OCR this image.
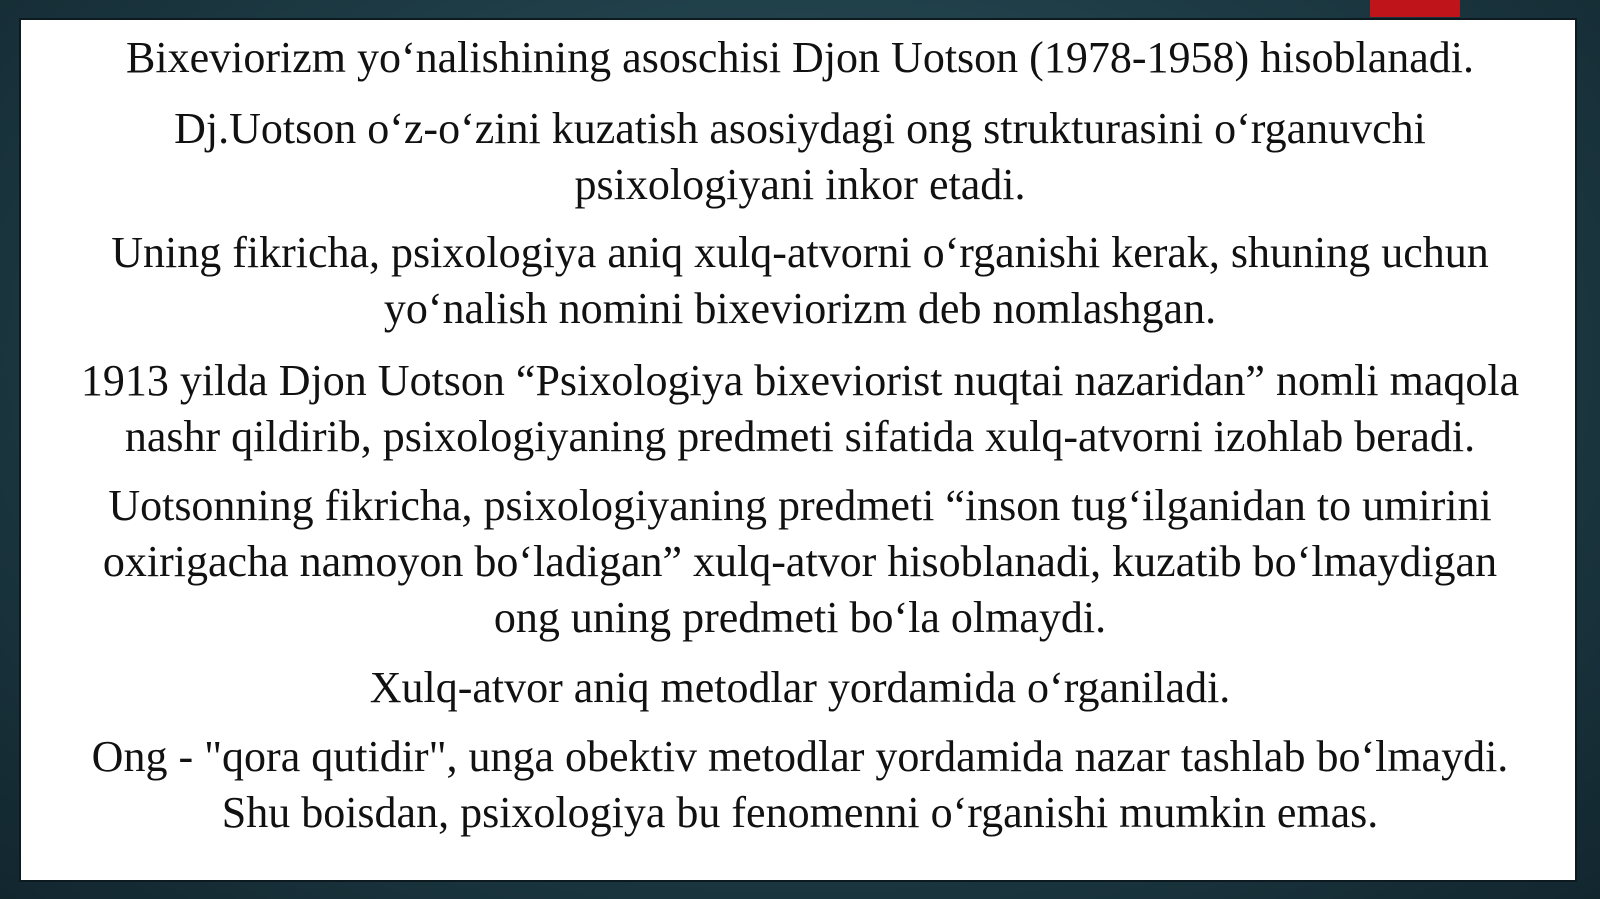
Bixeviorizm yo‘nalishining asoschisi Djon Uotson (1978-1958) hisoblanadi.

Dj.Uotson o‘z-o‘zini kuzatish asosiydagi ong strukturasini o‘rganuvchi
psixologiyani inkor etadi.

Uning fikricha, psixologiya aniq xulq-atvorni o‘rganishi kerak, shuning uchun
yo‘nalish nomini bixeviorizm deb nomlashgan.

1913 yilda Djon Uotson “Psixologiya bixeviorist nuqtai nazaridan” nomli maqola
nashr qildirib, psixologiyaning predmeti sifatida xulq-atvorni izohlab beradi.

Uotsonning fikricha, psixologiyaning predmeti “inson tug‘ilganidan to umirini
oxirigacha namoyon bo‘ladigan” xulq-atvor hisoblanadi, kuzatib bo‘lmaydigan
ong uning predmeti bo‘la olmaydi.

Xulq-atvor aniq metodlar yordamida o‘rganiladi.

Ong - "qora qutidir", unga obektiv metodlar yordamida nazar tashlab bo‘lmaydi.
Shu boisdan, psixologiya bu fenomenni o‘rganishi mumkin emas.
